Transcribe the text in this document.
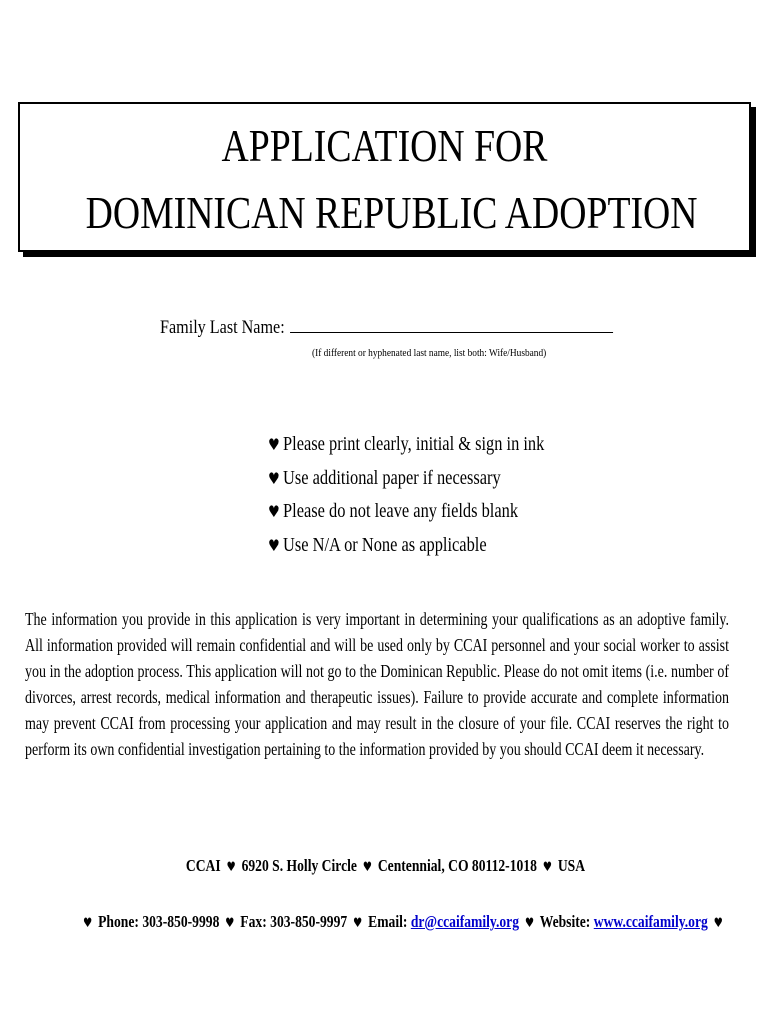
APPLICATION FOR
DOMINICAN REPUBLIC ADOPTION
Family Last Name:
(If different or hyphenated last name, list both: Wife/Husband)
♥ Please print clearly, initial & sign in ink
♥ Use additional paper if necessary
♥ Please do not leave any fields blank
♥ Use N/A or None as applicable

The information you provide in this application is very important in determining your qualifications as an adoptive family. All information provided will remain confidential and will be used only by CCAI personnel and your social worker to assist you in the adoption process. This application will not go to the Dominican Republic. Please do not omit items (i.e. number of divorces, arrest records, medical information and therapeutic issues). Failure to provide accurate and complete information may prevent CCAI from processing your application and may result in the closure of your file. CCAI reserves the right to perform its own confidential investigation pertaining to the information provided by you should CCAI deem it necessary.

CCAI ♥ 6920 S. Holly Circle ♥ Centennial, CO 80112-1018 ♥ USA
♥ Phone: 303-850-9998 ♥ Fax: 303-850-9997 ♥ Email: dr@ccaifamily.org ♥ Website: www.ccaifamily.org ♥
